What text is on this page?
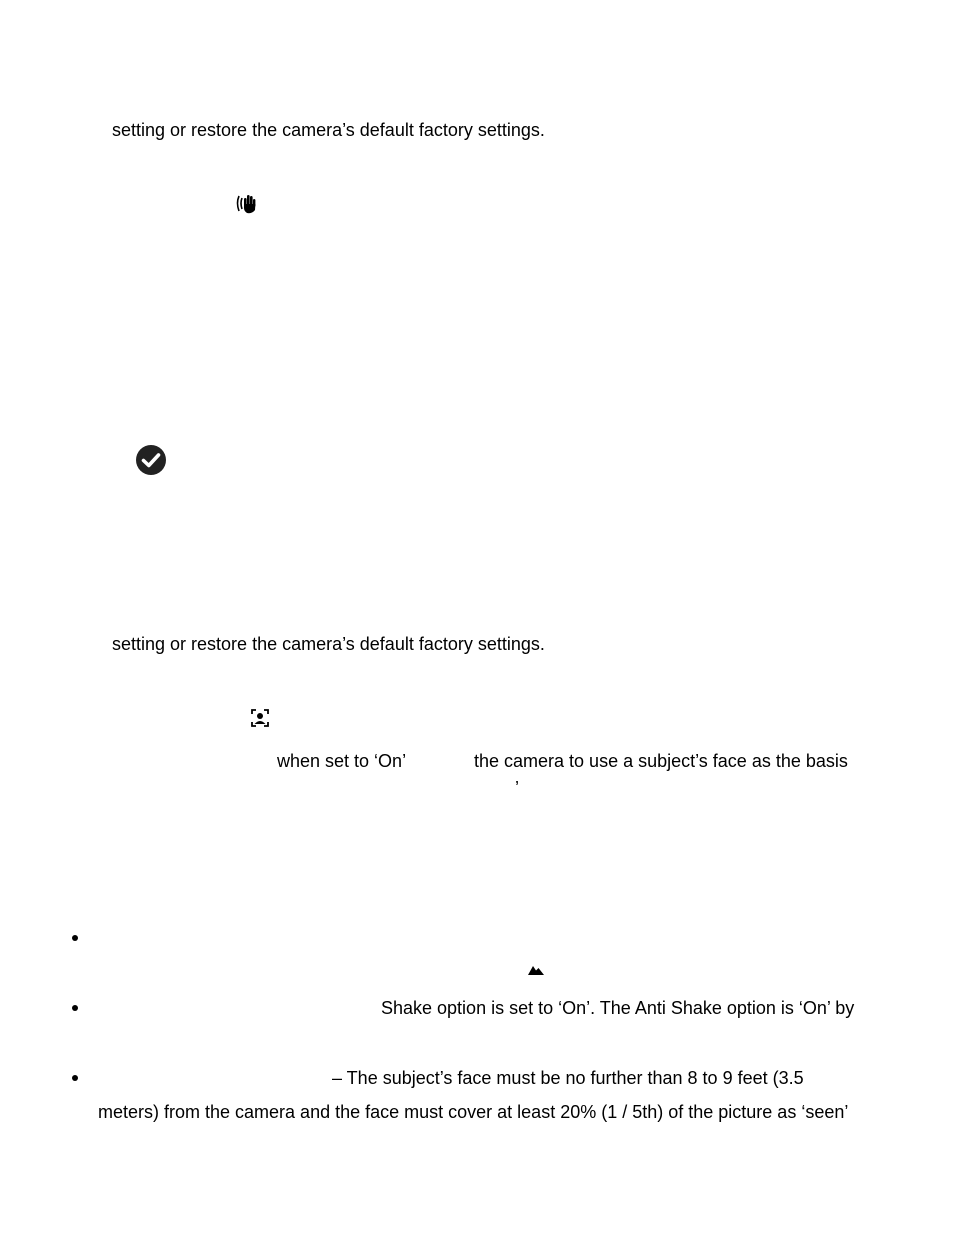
setting or restore the camera’s default factory settings.
setting or restore the camera’s default factory settings.
when set to ‘On’	the camera to use a subject’s face as the basis
’
Shake option is set to ‘On’. The Anti Shake option is ‘On’ by
– The subject’s face must be no further than 8 to 9 feet (3.5
meters) from the camera and the face must cover at least 20% (1 / 5th) of the picture as ‘seen’
